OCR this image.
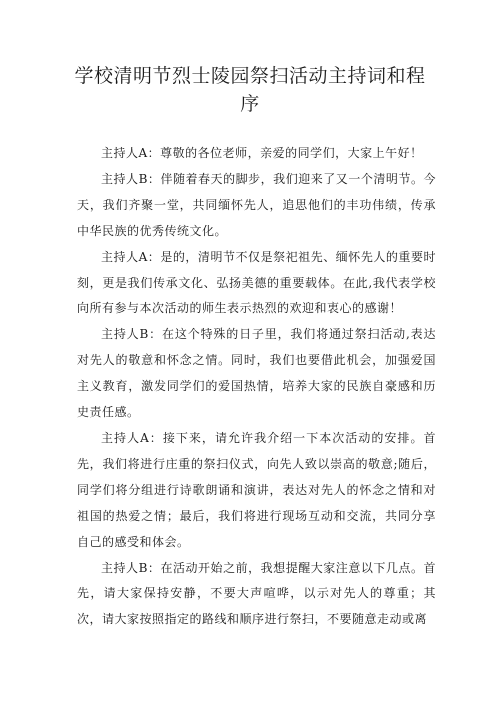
学校清明节烈士陵园祭扫活动主持词和程序

主持人A：尊敬的各位老师，亲爱的同学们，大家上午好！

主持人B：伴随着春天的脚步，我们迎来了又一个清明节。今天，我们齐聚一堂，共同缅怀先人，追思他们的丰功伟绩，传承中华民族的优秀传统文化。

主持人A：是的，清明节不仅是祭祀祖先、缅怀先人的重要时刻，更是我们传承文化、弘扬美德的重要载体。在此,我代表学校向所有参与本次活动的师生表示热烈的欢迎和衷心的感谢！

主持人B：在这个特殊的日子里，我们将通过祭扫活动,表达对先人的敬意和怀念之情。同时，我们也要借此机会，加强爱国主义教育，激发同学们的爱国热情，培养大家的民族自豪感和历史责任感。

主持人A：接下来，请允许我介绍一下本次活动的安排。首先，我们将进行庄重的祭扫仪式，向先人致以崇高的敬意;随后，同学们将分组进行诗歌朗诵和演讲，表达对先人的怀念之情和对祖国的热爱之情；最后，我们将进行现场互动和交流，共同分享自己的感受和体会。

主持人B：在活动开始之前，我想提醒大家注意以下几点。首先，请大家保持安静，不要大声喧哗，以示对先人的尊重；其次，请大家按照指定的路线和顺序进行祭扫，不要随意走动或离
